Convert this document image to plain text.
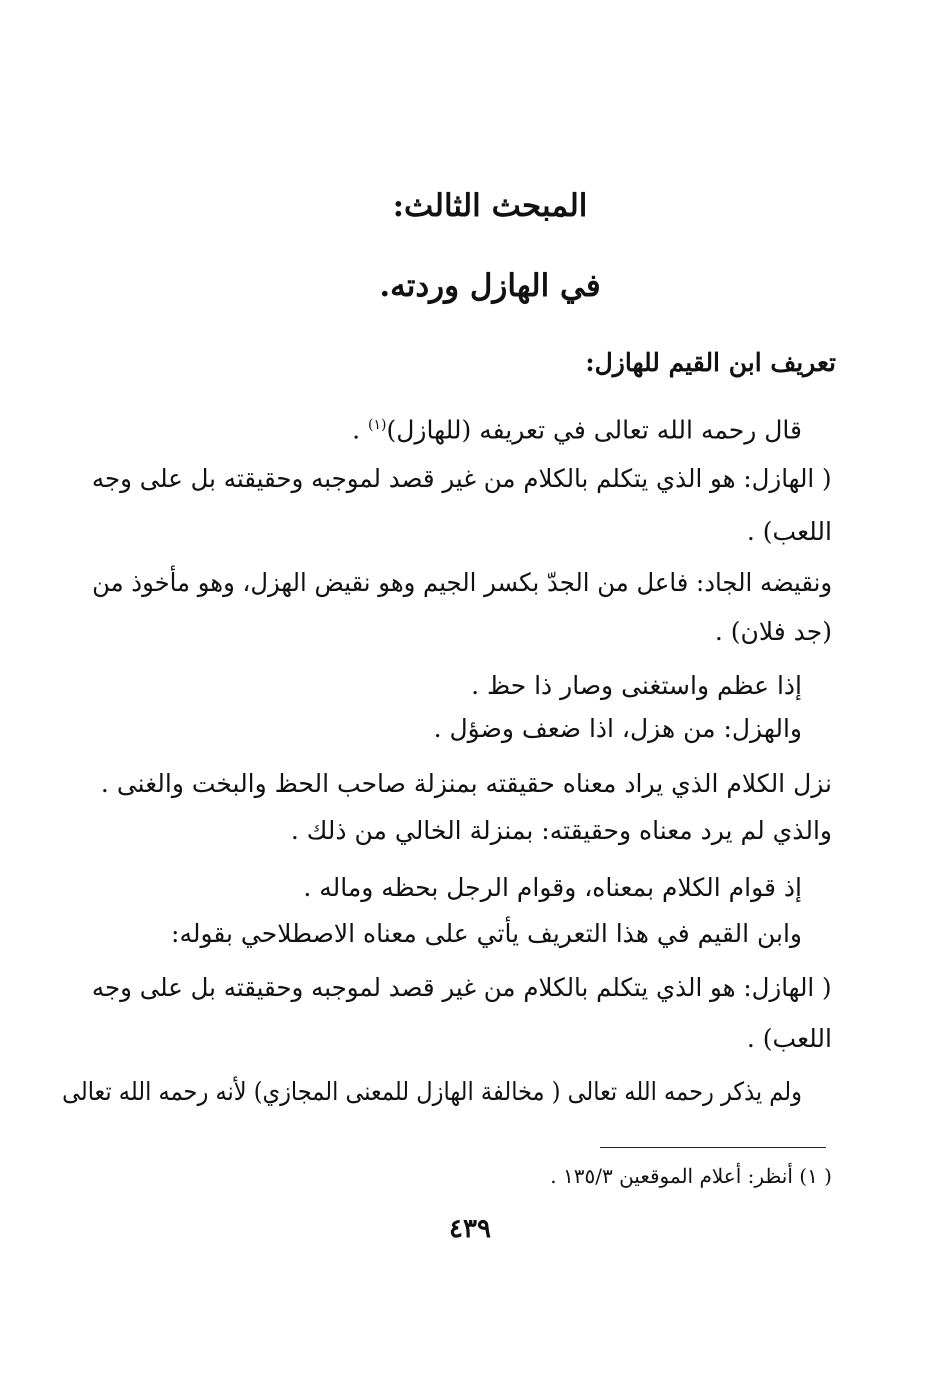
المبحث الثالث:
في الهازل وردته.
تعريف ابن القيم للهازل:
قال رحمه الله تعالى في تعريفه (للهازل)$^{(١)}$ .
( الهازل: هو الذي يتكلم بالكلام من غير قصد لموجبه وحقيقته بل على وجه
اللعب) .
ونقيضه الجاد: فاعل من الجدّ بكسر الجيم وهو نقيض الهزل، وهو مأخوذ من
(جد فلان) .
إذا عظم واستغنى وصار ذا حظ .
والهزل: من هزل، اذا ضعف وضؤل .
نزل الكلام الذي يراد معناه حقيقته بمنزلة صاحب الحظ والبخت والغنى .
والذي لم يرد معناه وحقيقته: بمنزلة الخالي من ذلك .
إذ قوام الكلام بمعناه، وقوام الرجل بحظه وماله .
وابن القيم في هذا التعريف يأتي على معناه الاصطلاحي بقوله:
( الهازل: هو الذي يتكلم بالكلام من غير قصد لموجبه وحقيقته بل على وجه
اللعب) .
ولم يذكر رحمه الله تعالى ( مخالفة الهازل للمعنى المجازي) لأنه رحمه الله تعالى
( ١) أنظر: أعلام الموقعين ١٣٥/٣ .
٤٣٩
